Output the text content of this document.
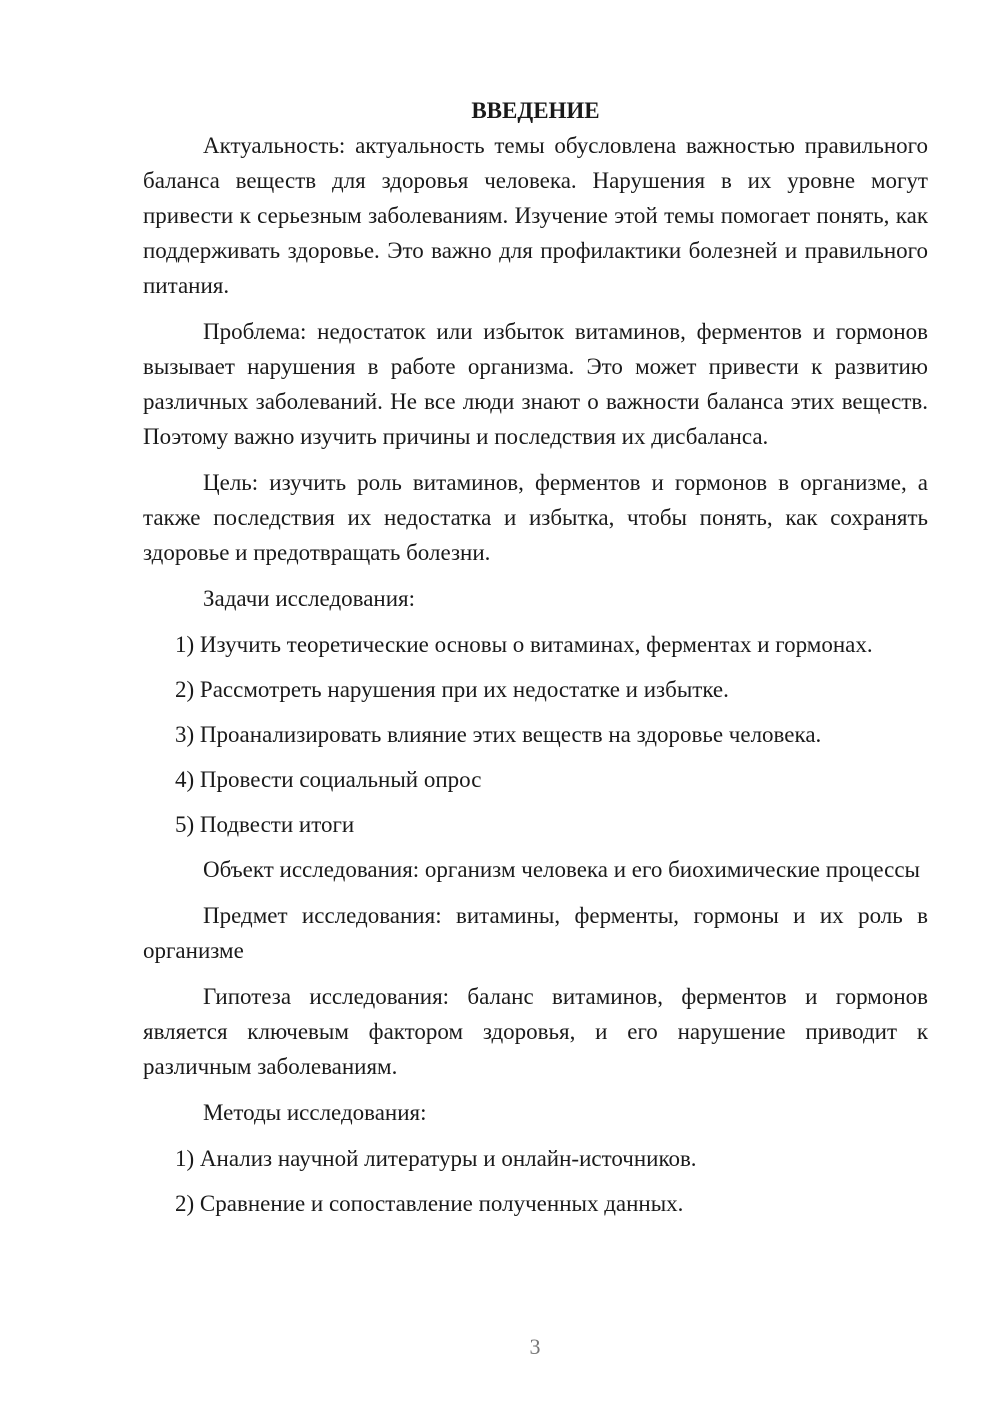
ВВЕДЕНИЕ

Актуальность: актуальность темы обусловлена важностью правильного баланса веществ для здоровья человека. Нарушения в их уровне могут привести к серьезным заболеваниям. Изучение этой темы помогает понять, как поддерживать здоровье. Это важно для профилактики болезней и правильного питания.

Проблема: недостаток или избыток витаминов, ферментов и гормонов вызывает нарушения в работе организма. Это может привести к развитию различных заболеваний. Не все люди знают о важности баланса этих веществ. Поэтому важно изучить причины и последствия их дисбаланса.

Цель: изучить роль витаминов, ферментов и гормонов в организме, а также последствия их недостатка и избытка, чтобы понять, как сохранять здоровье и предотвращать болезни.

Задачи исследования:

1) Изучить теоретические основы о витаминах, ферментах и гормонах.
2) Рассмотреть нарушения при их недостатке и избытке.
3) Проанализировать влияние этих веществ на здоровье человека.
4) Провести социальный опрос
5) Подвести итоги

Объект исследования: организм человека и его биохимические процессы

Предмет исследования: витамины, ферменты, гормоны и их роль в организме

Гипотеза исследования: баланс витаминов, ферментов и гормонов является ключевым фактором здоровья, и его нарушение приводит к различным заболеваниям.

Методы исследования:

1) Анализ научной литературы и онлайн-источников.
2) Сравнение и сопоставление полученных данных.
3
